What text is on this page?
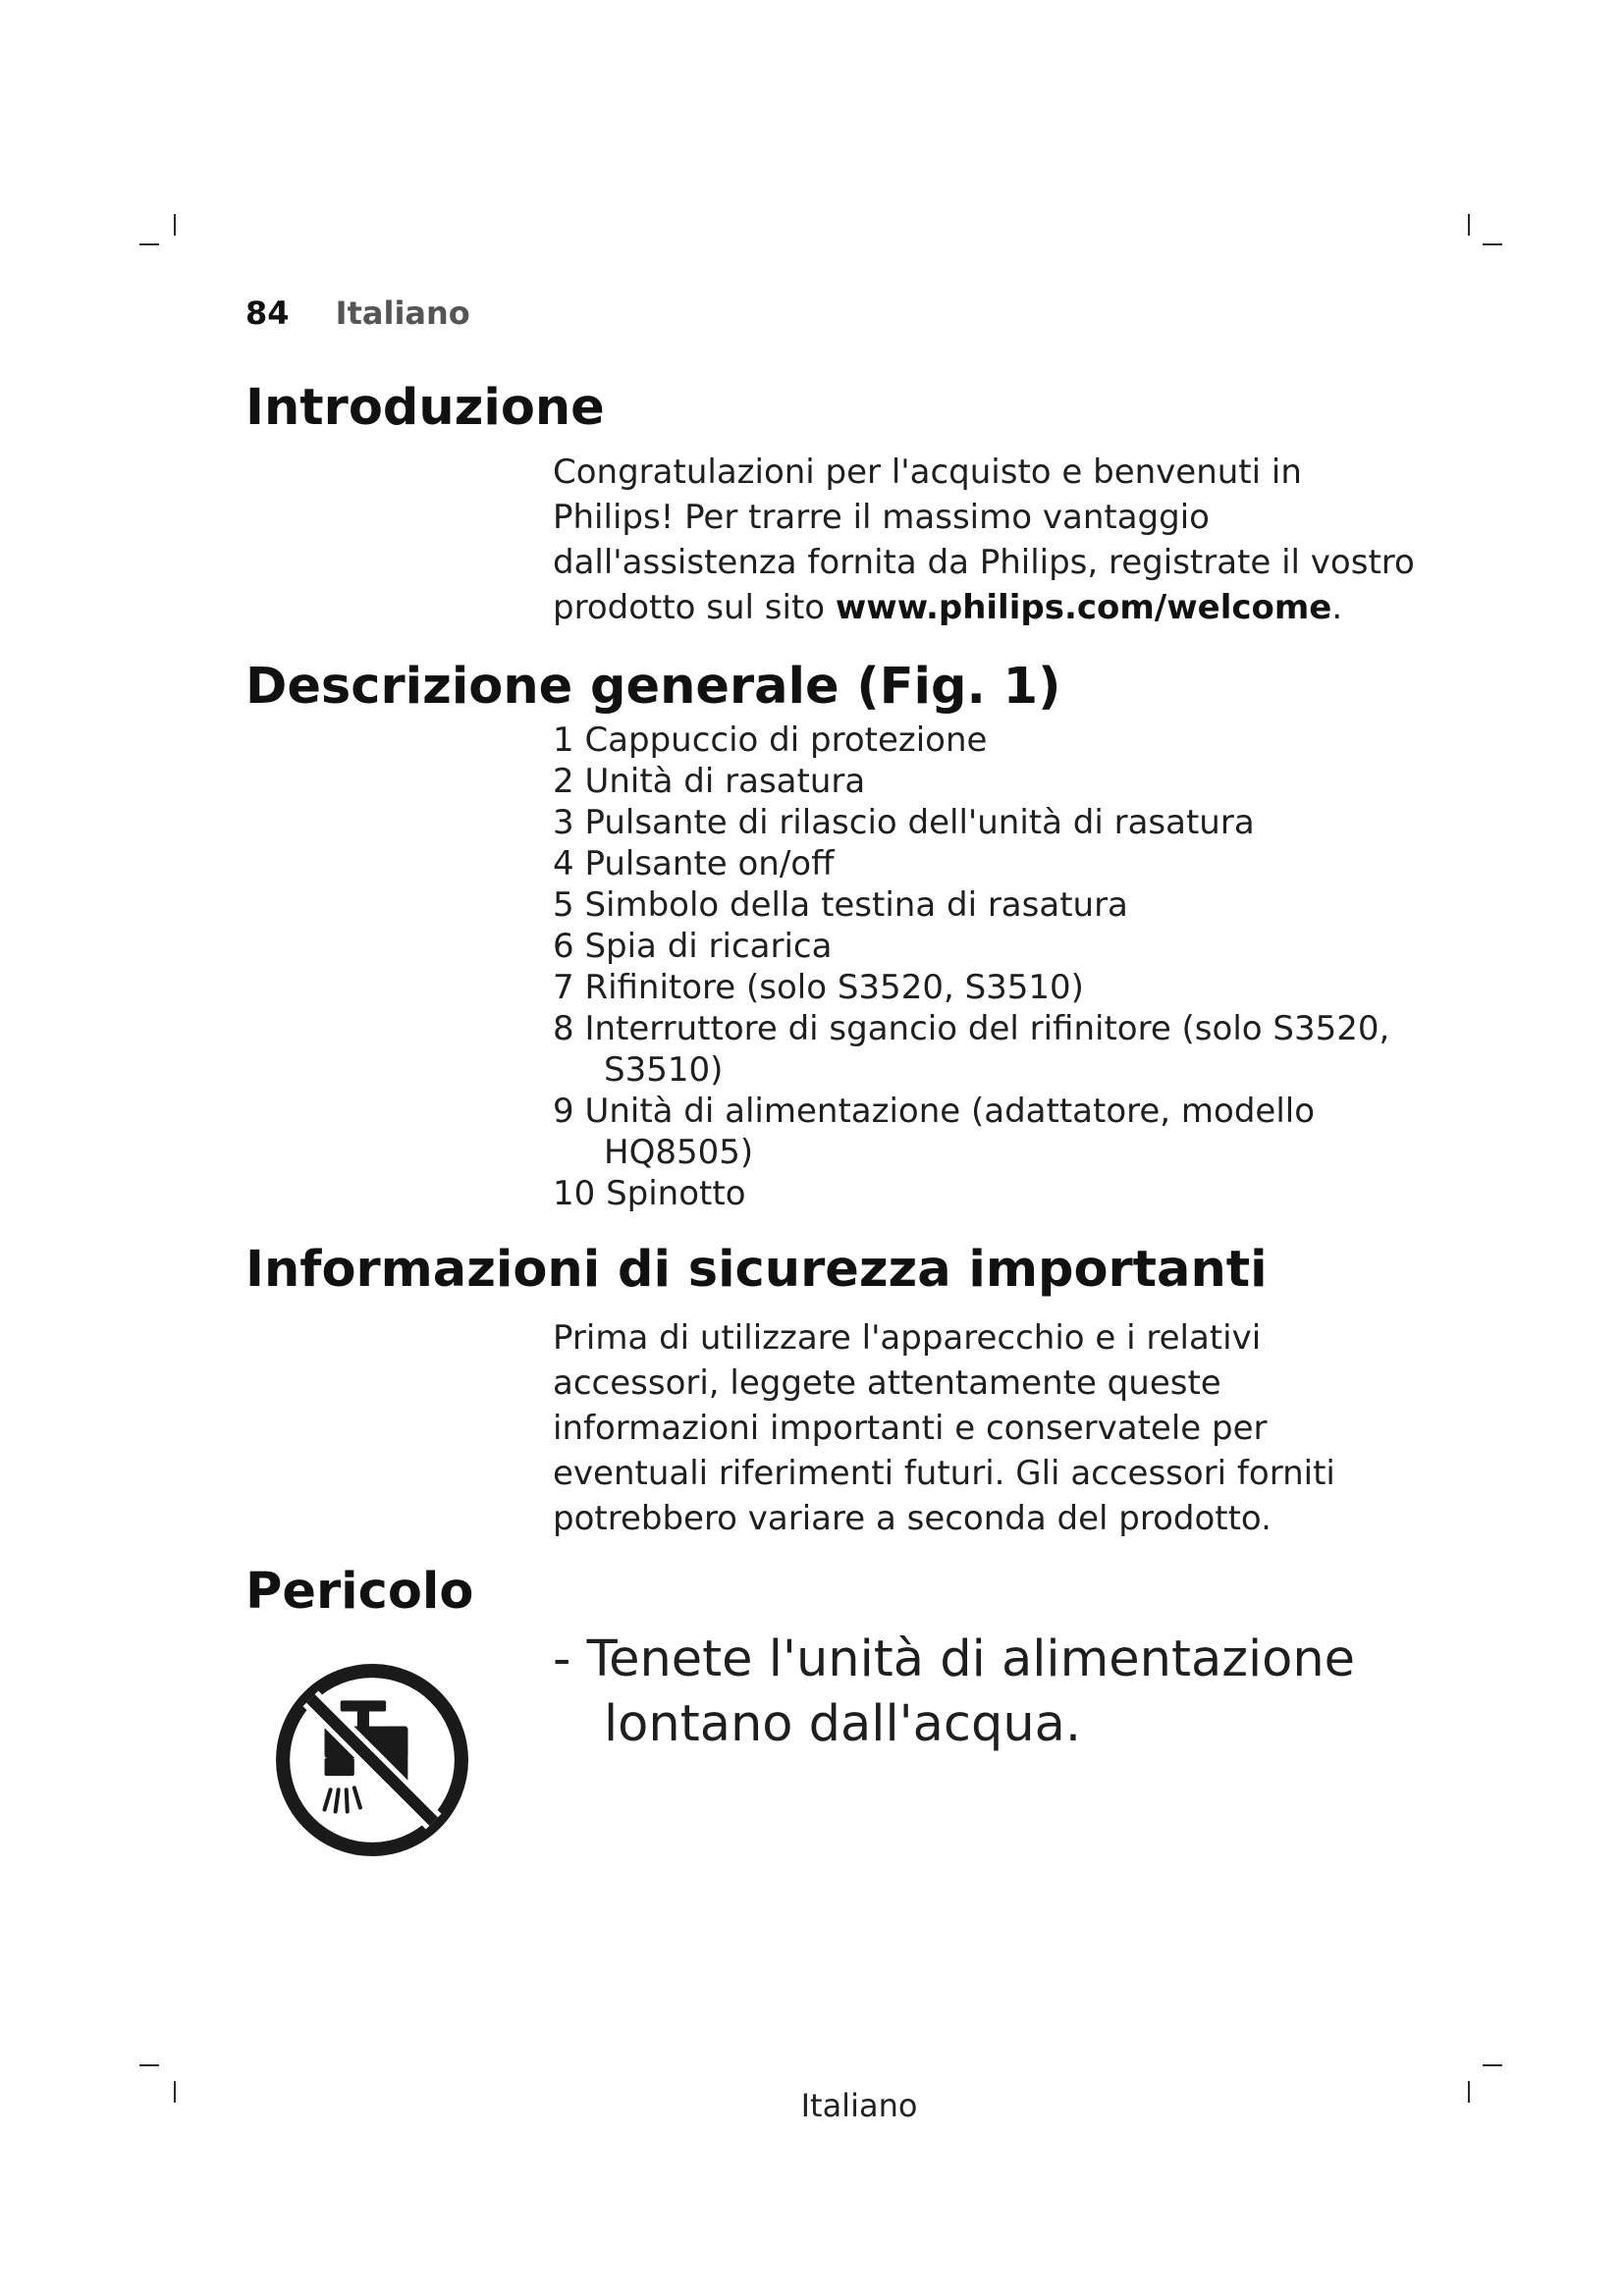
84 Italiano
Introduzione
Congratulazioni per l'acquisto e benvenuti in
Philips! Per trarre il massimo vantaggio
dall'assistenza fornita da Philips, registrate il vostro
prodotto sul sito www.philips.com/welcome.
Descrizione generale (Fig. 1)
1 Cappuccio di protezione
2 Unità di rasatura
3 Pulsante di rilascio dell'unità di rasatura
4 Pulsante on/off
5 Simbolo della testina di rasatura
6 Spia di ricarica
7 Rifinitore (solo S3520, S3510)
8 Interruttore di sgancio del rifinitore (solo S3520,
S3510)
9 Unità di alimentazione (adattatore, modello
HQ8505)
10 Spinotto
Informazioni di sicurezza importanti
Prima di utilizzare l'apparecchio e i relativi
accessori, leggete attentamente queste
informazioni importanti e conservatele per
eventuali riferimenti futuri. Gli accessori forniti
potrebbero variare a seconda del prodotto.
Pericolo
- Tenete l'unità di alimentazione
lontano dall'acqua.
Italiano
